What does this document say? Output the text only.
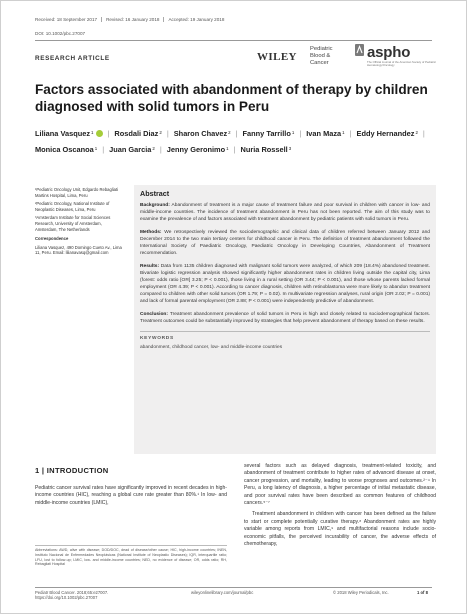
Received: 18 September 2017	Revised: 16 January 2018	Accepted: 19 January 2018
DOI: 10.1002/pbc.27007
RESEARCH ARTICLE	WILEY
Pediatric
Blood &
Cancer
aspho
The Official Journal of the American Society of Pediatric Hematology/Oncology
Factors associated with abandonment of therapy by children diagnosed with solid tumors in Peru
Liliana Vasquez$^1$ | Rosdali Diaz$^2$ | Sharon Chavez$^2$ | Fanny Tarrillo$^1$ | Ivan Maza$^1$ | Eddy Hernandez$^2$ |Monica Oscanoa$^1$ | Juan Garcia$^2$ | Jenny Geronimo$^1$ | Nuria Rossell$^3$

¹Pediatric Oncology Unit, Edgardo Rebagliati Martins Hospital, Lima, Peru

²Pediatric Oncology, National Institute of Neoplastic Diseases, Lima, Peru

³Amsterdam Institute for Social Sciences Research, University of Amsterdam, Amsterdam, The Netherlands

Correspondence

Liliana Vasquez, 490 Domingo Cueto Av., Lima 11, Peru. Email: lilianavasq@gmail.com

Abstract

Background: Abandonment of treatment is a major cause of treatment failure and poor survival in children with cancer in low- and middle-income countries. The incidence of treatment abandonment in Peru has not been reported. The aim of this study was to examine the prevalence of and factors associated with treatment abandonment by pediatric patients with solid tumors in Peru.

Methods: We retrospectively reviewed the sociodemographic and clinical data of children referred between January 2012 and December 2014 to the two main tertiary centers for childhood cancer in Peru. The definition of treatment abandonment followed the International Society of Paediatric Oncology, Paediatric Oncology in Developing Countries, Abandonment of Treatment recommendation.

Results: Data from 1135 children diagnosed with malignant solid tumors were analyzed, of which 209 (18.4%) abandoned treatment. Bivariate logistic regression analysis showed significantly higher abandonment rates in children living outside the capital city, Lima (forest: odds ratio [OR] 3.25; P < 0.001), those living in a rural setting (OR 3.44; P < 0.001), and those whose parents lacked formal employment (OR 4.39; P < 0.001). According to cancer diagnosis, children with retinoblastoma were more likely to abandon treatment compared to children with other solid tumors (OR 1.79; P = 0.02). In multivariate regression analyses, rural origin (OR 2.02; P = 0.001) and lack of formal parental employment (OR 2.88; P < 0.001) were independently predictive of abandonment.

Conclusion: Treatment abandonment prevalence of solid tumors in Peru is high and closely related to sociodemographical factors. Treatment outcomes could be substantially improved by strategies that help prevent abandonment of therapy based on these results.

KEYWORDS

abandonment, childhood cancer, low- and middle-income countries

1 | INTRODUCTION

Pediatric cancer survival rates have significantly improved in recent decades in high-income countries (HIC), reaching a global cure rate greater than 80%.¹ In low- and middle-income countries (LMIC),

several factors such as delayed diagnosis, treatment-related toxicity, and abandonment of treatment contribute to higher rates of advanced disease at onset, cancer progression, and mortality, leading to worse prognoses and outcomes.²⁻⁴ In Peru, a long latency of diagnosis, a higher percentage of initial metastatic disease, and poor survival rates have been described as common features of childhood cancers.⁵⁻⁷

Treatment abandonment in children with cancer has been defined as the failure to start or complete potentially curative therapy.⁸ Abandonment rates are highly variable among reports from LMIC,⁹ and multifactorial reasons include socio-economic pitfalls, the perceived incurability of cancer, the adverse effects of chemotherapy,

Abbreviations: AWD, alive with disease; DOD/DOC, dead of disease/other cause; HIC, high-income countries; INEN, Instituto Nacional de Enfermedades Neoplásicas (National Institute of Neoplastic Diseases); IQR, interquartile ratio; LFU, lost to follow-up; LMIC, low- and middle-income countries; NED, no evidence of disease; OR, odds ratio; RH, Rebagliati Hospital
Pediatr Blood Cancer. 2018;65:e27007.
https://doi.org/10.1002/pbc.27007
wileyonlinelibrary.com/journal/pbc	© 2018 Wiley Periodicals, Inc.	1 of 8
